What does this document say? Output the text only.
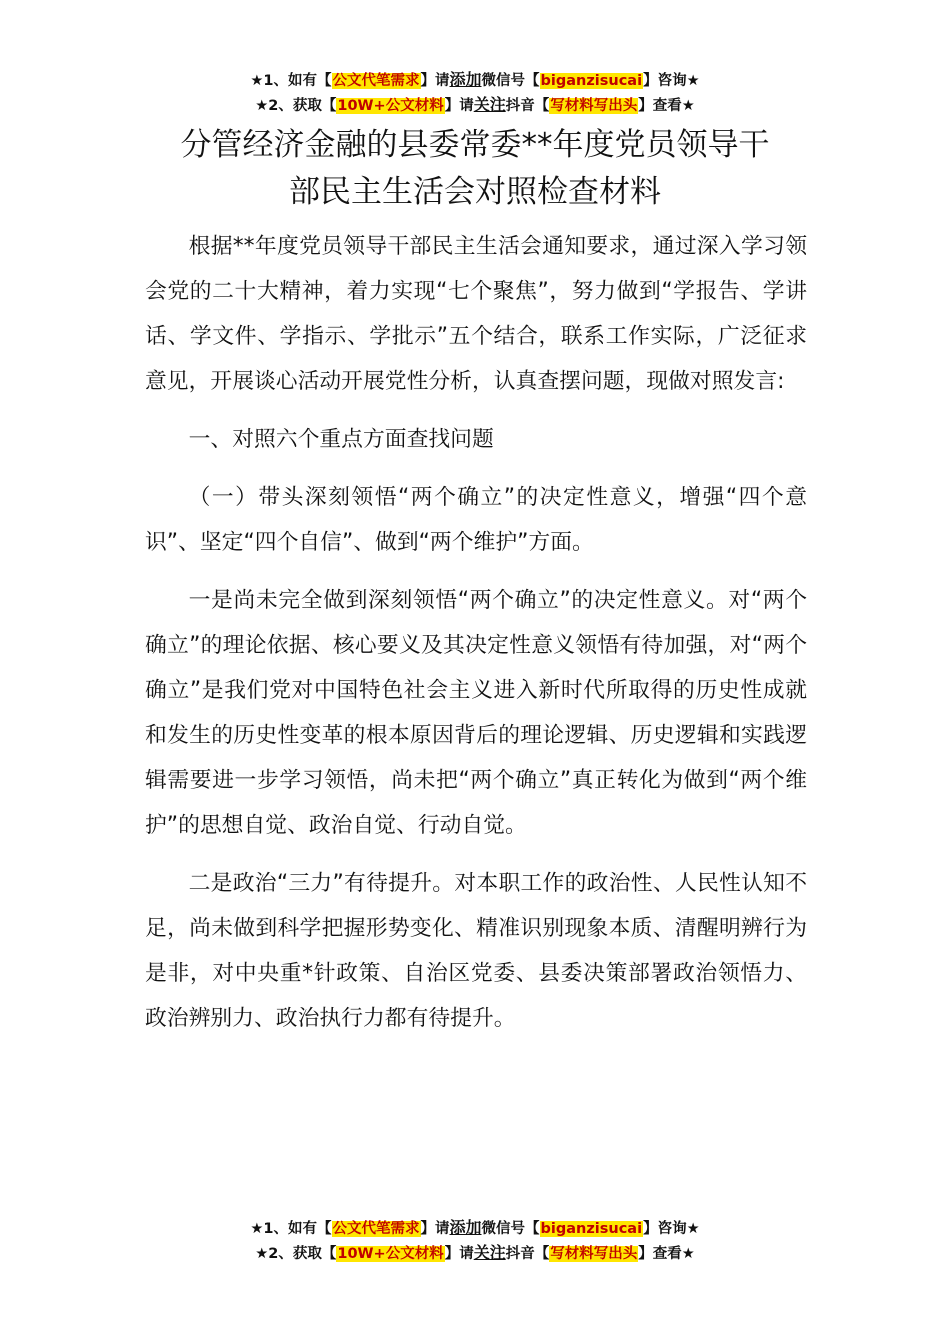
★1、如有【公文代笔需求】请添加微信号【biganzisucai】咨询★
★2、获取【10W+公文材料】请关注抖音【写材料写出头】查看★
分管经济金融的县委常委**年度党员领导干
部民主生活会对照检查材料

根据**年度党员领导干部民主生活会通知要求，通过深入学习领会党的二十大精神，着力实现“七个聚焦”，努力做到“学报告、学讲话、学文件、学指示、学批示”五个结合，联系工作实际，广泛征求意见，开展谈心活动开展党性分析，认真查摆问题，现做对照发言:

一、对照六个重点方面查找问题

（一）带头深刻领悟“两个确立”的决定性意义，增强“四个意识”、坚定“四个自信”、做到“两个维护”方面。

一是尚未完全做到深刻领悟“两个确立”的决定性意义。对“两个确立”的理论依据、核心要义及其决定性意义领悟有待加强，对“两个确立”是我们党对中国特色社会主义进入新时代所取得的历史性成就和发生的历史性变革的根本原因背后的理论逻辑、历史逻辑和实践逻辑需要进一步学习领悟，尚未把“两个确立”真正转化为做到“两个维护”的思想自觉、政治自觉、行动自觉。

二是政治“三力”有待提升。对本职工作的政治性、人民性认知不足，尚未做到科学把握形势变化、精准识别现象本质、清醒明辨行为是非，对中央重*针政策、自治区党委、县委决策部署政治领悟力、政治辨别力、政治执行力都有待提升。

★1、如有【公文代笔需求】请添加微信号【biganzisucai】咨询★
★2、获取【10W+公文材料】请关注抖音【写材料写出头】查看★
